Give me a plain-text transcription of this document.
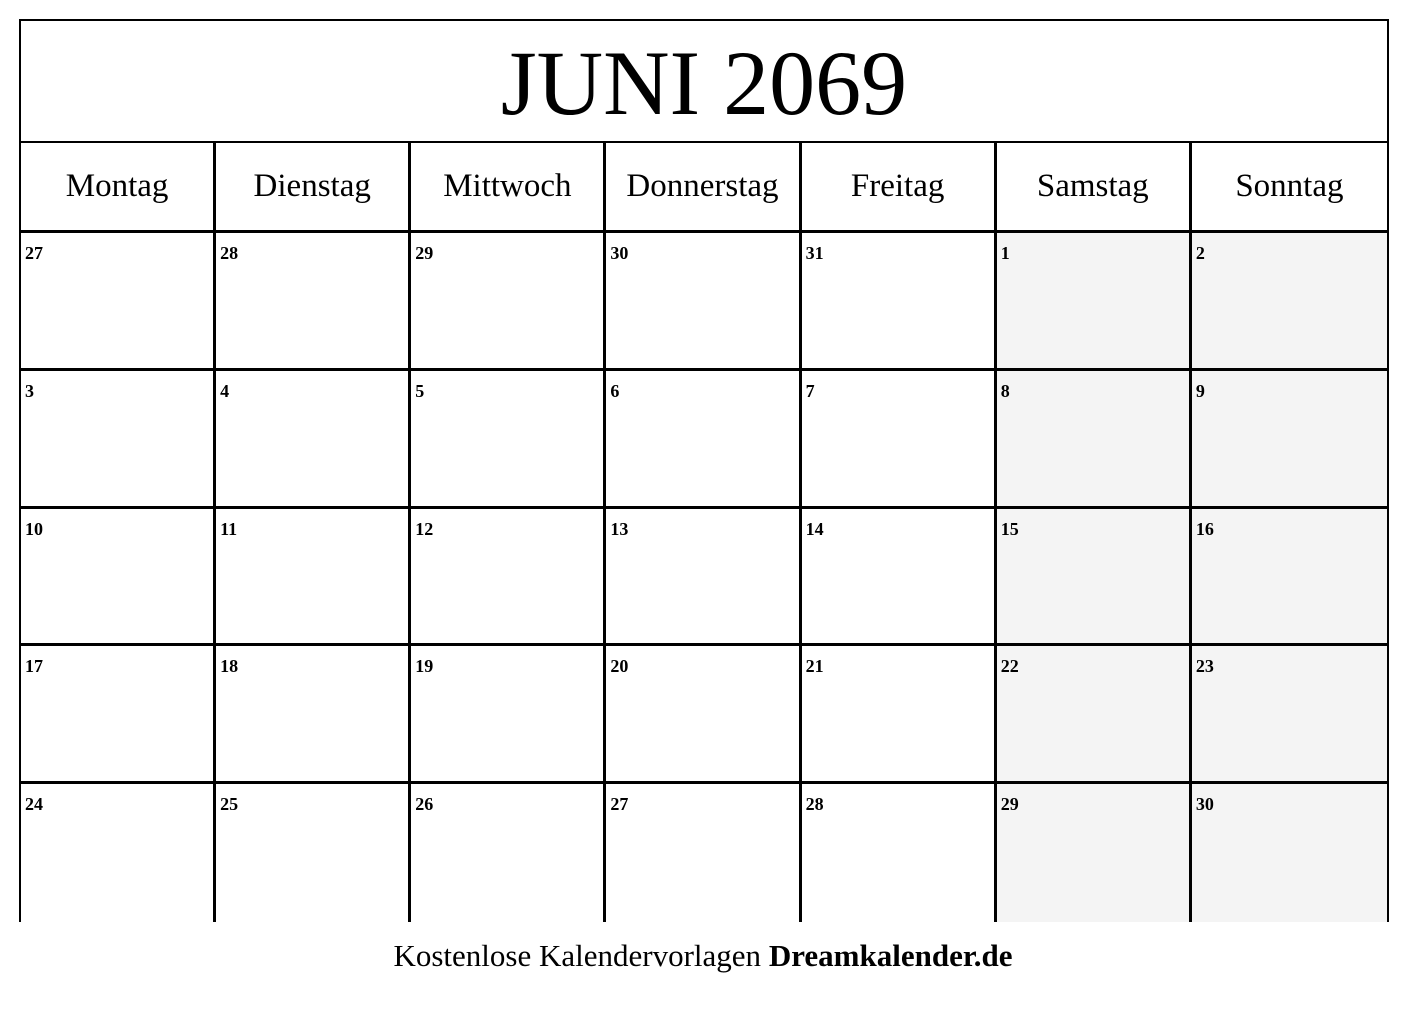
JUNI 2069
Montag	Dienstag	Mittwoch	Donnerstag	Freitag	Samstag	Sonntag
27	28	29	30	31	1	2
3	4	5	6	7	8	9
10	11	12	13	14	15	16
17	18	19	20	21	22	23
24	25	26	27	28	29	30
Kostenlose Kalendervorlagen Dreamkalender.de
